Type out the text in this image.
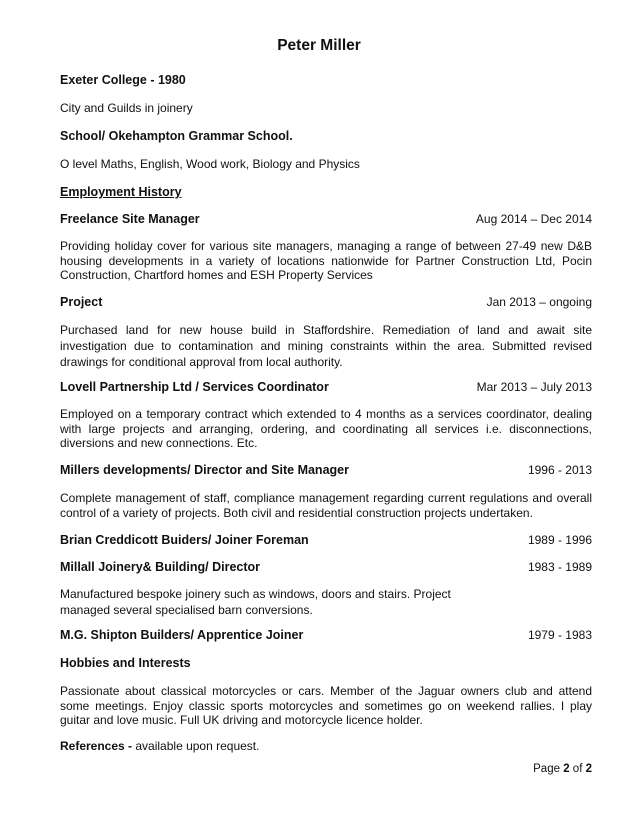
Peter Miller
Exeter College - 1980
City and Guilds in joinery
School/ Okehampton Grammar School.
O level Maths, English, Wood work, Biology and Physics
Employment History
Freelance Site Manager	Aug 2014 – Dec 2014
Providing holiday cover for various site managers, managing a range of between 27-49 new D&B housing developments in a variety of locations nationwide for Partner Construction Ltd, Pocin Construction, Chartford homes and ESH Property Services
Project	Jan 2013 – ongoing
Purchased land for new house build in Staffordshire. Remediation of land and await site investigation due to contamination and mining constraints within the area. Submitted revised drawings for conditional approval from local authority.
Lovell Partnership Ltd / Services Coordinator	Mar 2013 – July 2013
Employed on a temporary contract which extended to 4 months as a services coordinator, dealing with large projects and arranging, ordering, and coordinating all services i.e. disconnections, diversions and new connections. Etc.
Millers developments/ Director and Site Manager	1996 - 2013
Complete management of staff, compliance management regarding current regulations and overall control of a variety of projects. Both civil and residential construction projects undertaken.
Brian Creddicott Buiders/ Joiner Foreman	1989 - 1996
Millall Joinery& Building/ Director	1983 - 1989
Manufactured bespoke joinery such as windows, doors and stairs. Project managed several specialised barn conversions.
M.G. Shipton Builders/ Apprentice Joiner	1979 - 1983
Hobbies and Interests
Passionate about classical motorcycles or cars. Member of the Jaguar owners club and attend some meetings. Enjoy classic sports motorcycles and sometimes go on weekend rallies. I play guitar and love music. Full UK driving and motorcycle licence holder.
References - available upon request.
Page 2 of 2
